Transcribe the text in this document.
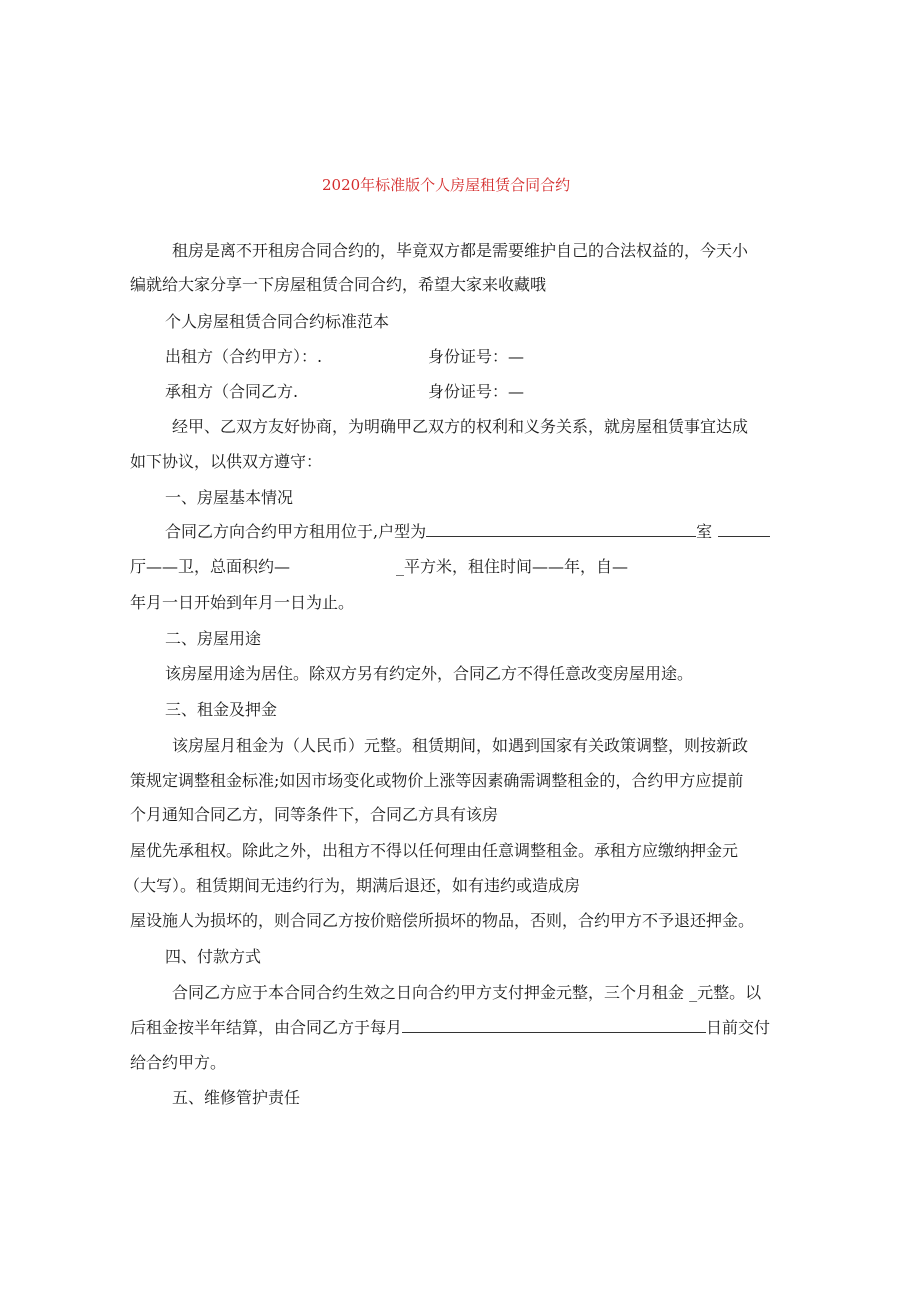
2020年标准版个人房屋租赁合同合约
租房是离不开租房合同合约的，毕竟双方都是需要维护自己的合法权益的，今天小
编就给大家分享一下房屋租赁合同合约，希望大家来收藏哦
个人房屋租赁合同合约标准范本
出租方（合约甲方）：.	身份证号：—
承租方（合同乙方.	身份证号：—
经甲、乙双方友好协商，为明确甲乙双方的权利和义务关系，就房屋租赁事宜达成
如下协议，以供双方遵守：
一、房屋基本情况
合同乙方向合约甲方租用位于,户型为	室
厅——卫，总面积约—	_平方米，租住时间——年，自—
年月一日开始到年月一日为止。
二、房屋用途
该房屋用途为居住。除双方另有约定外，合同乙方不得任意改变房屋用途。
三、租金及押金
该房屋月租金为（人民币）元整。租赁期间，如遇到国家有关政策调整，则按新政
策规定调整租金标准;如因市场变化或物价上涨等因素确需调整租金的，合约甲方应提前
个月通知合同乙方，同等条件下，合同乙方具有该房
屋优先承租权。除此之外，出租方不得以任何理由任意调整租金。承租方应缴纳押金元
（大写）。租赁期间无违约行为，期满后退还，如有违约或造成房
屋设施人为损坏的，则合同乙方按价赔偿所损坏的物品，否则，合约甲方不予退还押金。
四、付款方式
合同乙方应于本合同合约生效之日向合约甲方支付押金元整，三个月租金 _元整。以
后租金按半年结算，由合同乙方于每月	日前交付
给合约甲方。
五、维修管护责任
